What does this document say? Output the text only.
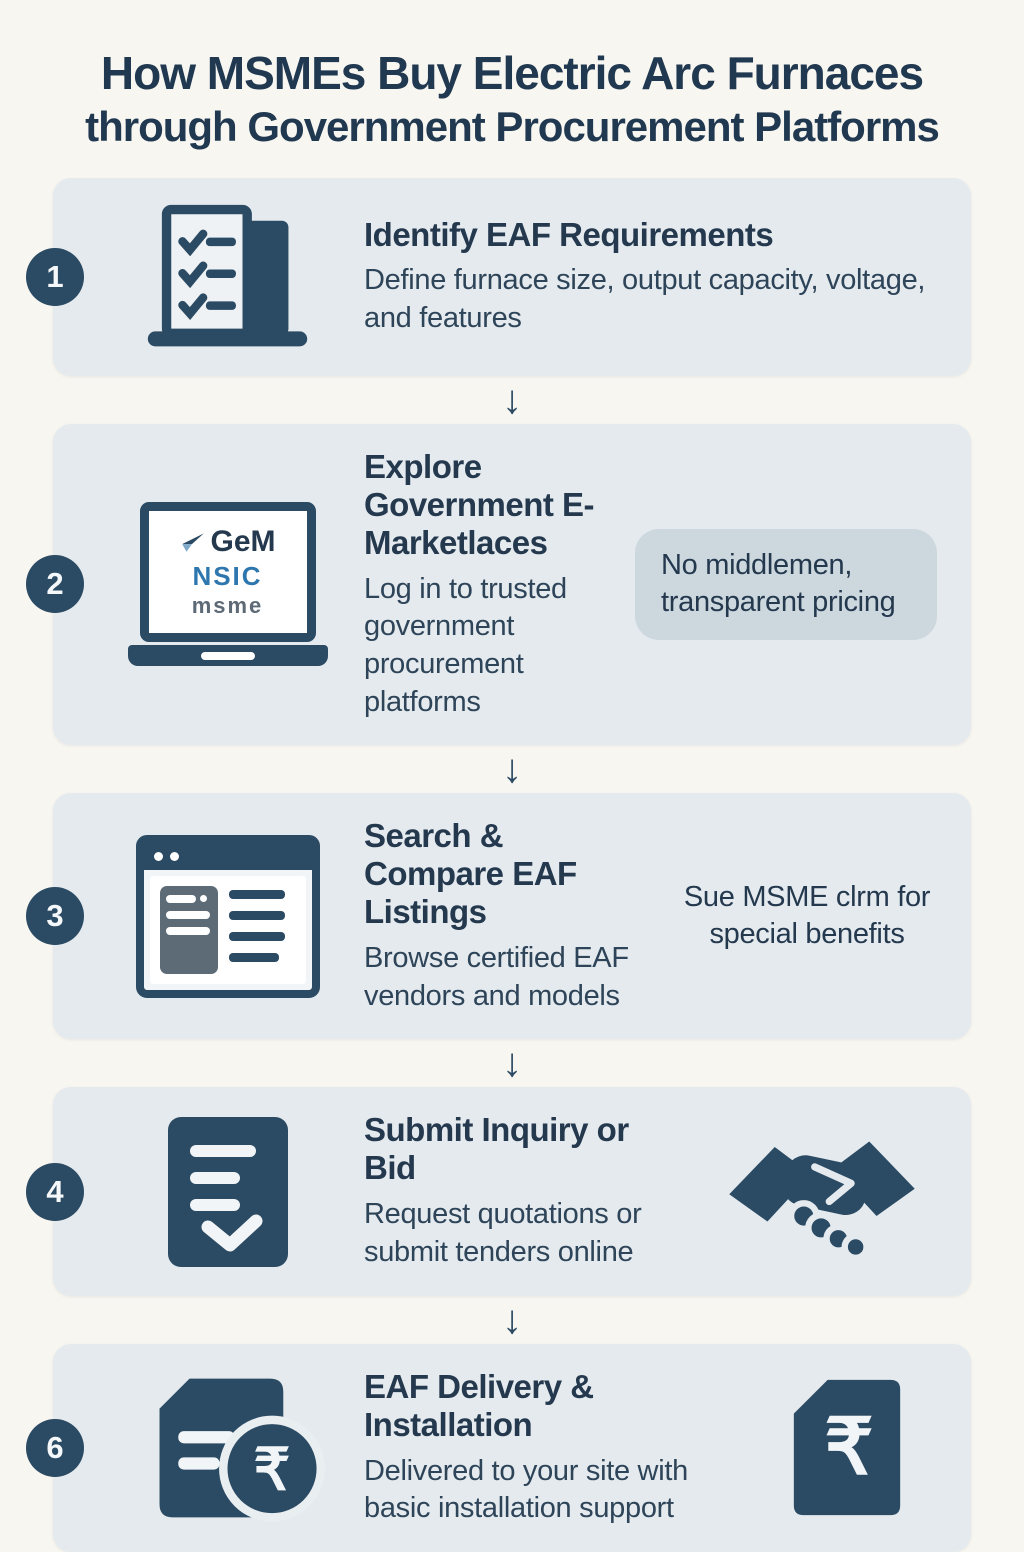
How MSMEs Buy Electric Arc Furnaces
through Government Procurement Platforms
1
Identify EAF Requirements
Define furnace size, output capacity, voltage, and features
↓
2
GeM
NSIC
msme
Explore Government E-Marketlaces
Log in to trusted government procurement platforms
No middlemen, transparent pricing
↓
3
Search & Compare EAF Listings
Browse certified EAF vendors and models
Sue MSME clrm for special benefits
↓
4
Submit Inquiry or Bid
Request quotations or submit tenders online
↓
6	₹
EAF Delivery & Installation
Delivered to your site with basic installation support
₹
